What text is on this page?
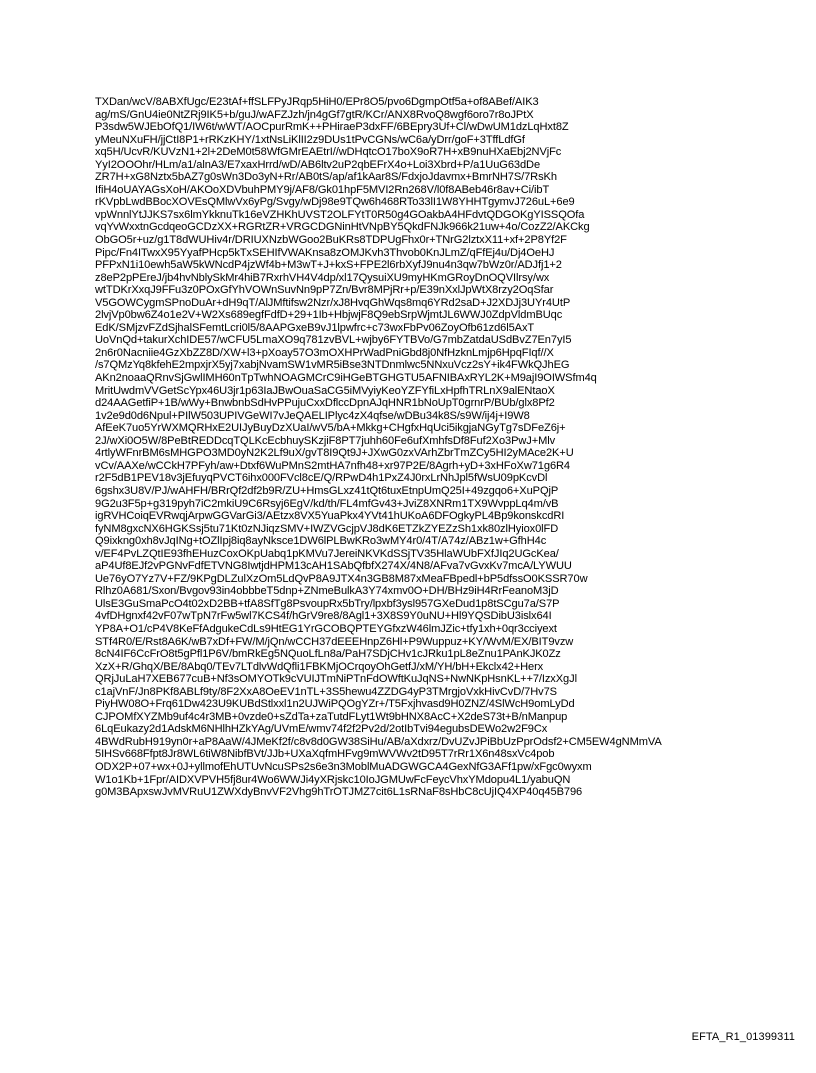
TXDan/wcV/8ABXfUgc/E23tAf+ffSLFPyJRqp5HiH0/EPr8O5/pvo6DgmpOtf5a+of8ABef/AIK3
ag/mS/GnU4ie0NtZRj9IK5+b/guJ/wAFZJzh/jn4gGf7gtR/KCr/ANX8RvoQ8wgf6oro7r8oJPtX
P3sdw5WJEbOfQ1/IW6t/wWT/AOCpurRmK++PHiraeP3dxFF/6BEpry3Uf+Cl/wDwUM1dzLqHxt8Z
yMeuNXuFH/jjCtI8P1+rRKzKHY/1xtNsLiKlII2z9DUs1tPvCGNs/wC6a/yDrr/goF+3TffLdfGf
xq5H/UcvR/KUVzN1+2l+2DeM0t58WfGMrEAEtrI//wDHqtcO17boX9oR7H+xB9nuHXaEbj2NVjFc
YyI2OOOhr/HLm/a1/alnA3/E7xaxHrrd/wD/AB6ltv2uP2qbEFrX4o+Loi3Xbrd+P/a1UuG63dDe
ZR7H+xG8Nztx5bAZ7g0sWn3Do3yN+Rr/AB0tS/ap/af1kAar8S/FdxjoJdavmx+BmrNH7S/7RsKh
IfiH4oUAYAGsXoH/AKOoXDVbuhPMY9j/AF8/Gk01hpF5MVI2Rn268V/l0f8ABeb46r8av+Ci/ibT
rKVpbLwdBBocXOVEsQMlwVx6yPg/Svgy/wDj98e9TQw6h468RTo33lI1W8YHHTgymvJ726uL+6e9
vpWnnlYtJJKS7sx6lmYkknuTk16eVZHKhUVST2OLFYtT0R50g4GOakbA4HFdvtQDGOKgYISSQOfa
vqYvWxxtnGcdqeoGCDzXX+RGRtZR+VRGCDGNinHtVNpBY5QkdFNJk966k21uw+4o/CozZ2/AKCkg
ObGO5r+uz/g1T8dWUHiv4r/DRIUXNzbWGoo2BuKRs8TDPUgFhx0r+TNrG2lztxX11+xf+2P8Yf2F
Pipc/Fn4ITwxX95YyafPHcp5kTxSEHIfVWAKnsa8zOMJKvh3Thvob0KnJLmZ/qFfEj4u/Dj4OeHJ
PFPxN1i10ewh5aW5kWNcdP4jzWf4b+M3wT+J+kxS+FPE2l6rbXyfJ9nu4n3qw7bWz0r/ADJfj1+2
z8eP2pPEreJ/jb4hvNblySkMr4hiB7RxrhVH4V4dp/xl17QysuiXU9myHKmGRoyDnOQVIlrsy/wx
wtTDKrXxqJ9FFu3z0POxGfYhVOWnSuvNn9pP7Zn/Bvr8MPjRr+p/E39nXxlJpWtX8rzy2OqSfar
V5GOWCygmSPnoDuAr+dH9qT/AlJMftifsw2Nzr/xJ8HvqGhWqs8mq6YRd2saD+J2XDJj3UYr4UtP
2lvjVp0bw6Z4o1e2V+W2Xs689egfFdfD+29+1Ib+HbjwjF8Q9ebSrpWjmtJL6WWJ0ZdpVldmBUqc
EdK/SMjzvFZdSjhalSFemtLcri0l5/8AAPGxeB9vJ1lpwfrc+c73wxFbPv06ZoyOfb61zd6l5AxT
UoVnQd+takurXchIDE57/wCFU5LmaXO9q781zvBVL+wjby6FYTBVo/G7mbZatdaUSdBvZ7En7yI5
2n6r0Nacniie4GzXbZZ8D/XW+l3+pXoay57O3mOXHPrWadPniGbd8j0NfHzknLmjp6HpqFIqf//X
/s7QMzYq8kfehE2mpxjrX5yj7xabjNvamSW1vMR5iBse3NTDnmlwc5NNxuVcz2sY+ik4FWkQJhEG
AKn2noaaQRnvSjGwlIMH60nTpTwhNOAGMCrC9iHGeBTGHGTU5AFNIBAxRYL2K+M9ajI9OIWSfm4q
MritUwdmVVGetScYpx46U3jr1p63IaJBwOuaSaCG5iMVyiyKeoYZFYfiLxHpfhTRLnX9alENtaoX
d24AAGetfiP+1B/wWy+BnwbnbSdHvPPujuCxxDflccDpnAJqHNR1bNoUpT0grnrP/BUb/glx8Pf2
1v2e9d0d6Npul+PIlW503UPIVGeWI7vJeQAELIPlyc4zX4qfse/wDBu34k8S/s9W/ij4j+I9W8
AfEeK7uo5YrWXMQRHxE2UIJyBuyDzXUaI/wV5/bA+Mkkg+CHgfxHqUci5ikgjaNGyTg7sDFeZ6j+
2J/wXi0O5W/8PeBtREDDcqTQLKcEcbhuySKzjiF8PT7juhh60Fe6ufXmhfsDf8Fuf2Xo3PwJ+Mlv
4rtlyWFnrBM6sMHGPO3MD0yN2K2Lf9uX/gvT8I9Qt9J+JXwG0zxVArhZbrTmZCy5HI2yMAce2K+U
vCv/AAXe/wCCkH7PFyh/aw+Dtxf6WuPMnS2mtHA7nfh48+xr97P2E/8Agrh+yD+3xHFoXw71g6R4
r2F5dB1PEV18v3jEfuyqPVCT6ihx000FVcl8cE/Q/RPwD4h1PxZ4J0rxLrNhJpl5fWsU09pKcvDl
6gshx3U8V/PJ/wAHFH/BRrQf2df2b9R/ZU+HmsGLxz41tQt6tuxEtnpUmQ25I+49zgqo6+XuPQjP
9G2u3F5p+g319pyh7iC2mkiU9C6Rsyj6EgV/kd/th/FL4mfGv43+JviZ8XNRm1TX9WvppLq4m/vB
igRVHCoiqEVRwqjArpwGGVarGi3/AEtzx8VX5YuaPkx4YVt41hUKoA6DFOgkyPL4Bp9konskcdRI
fyNM8gxcNX6HGKSsj5tu71Kt0zNJiqzSMV+IWZVGcjpVJ8dK6ETZkZYEZzSh1xk80zlHyiox0lFD
Q9ixkng0xh8vJqINg+tOZlIpj8iq8ayNksce1DW6lPLBwKRo3wMY4r0/4T/A74z/ABz1w+GfhH4c
v/EF4PvLZQtIE93fhEHuzCoxOKpUabq1pKMVu7JereiNKVKdSSjTV35HlaWUbFXfJIq2UGcKea/
aP4Uf8EJf2vPGNvFdfETVNG8IwtjdHPM13cAH1SAbQfbfX274X/4N8/AFva7vGvxKv7mcA/LYWUU
Ue76yO7Yz7V+FZ/9KPgDLZulXzOm5LdQvP8A9JTX4n3GB8M87xMeaFBpedl+bP5dfssO0KSSR70w
Rlhz0A681/Sxon/Bvgov93in4obbbeT5dnp+ZNmeBulkA3Y74xmv0O+DH/BHz9iH4RrFeanoM3jD
UlsE3GuSmaPcO4t02xD2BB+tfA8SfTg8PsvoupRx5bTry/lpxbf3ysl957GXeDud1p8tSCgu7a/S7P
4vfDHgnxf42vF07wTpN7rFw5wl7KCS4f/hGrV9re8/8Agl1+3X8S9Y0uNU+Hl9YQSDibU3islx64I
YP8A+O1/cP4V8KeFfAdgukeCdLs9HtEG1YrGCOBQPTEYGfxzW46lmJZic+tfy1xh+0qr3cciyext
STf4R0/E/Rst8A6K/wB7xDf+FW/M/jQn/wCCH37dEEEHnpZ6Hl+P9Wuppuz+KY/WvM/EX/BIT9vzw
8cN4IF6CcFrO8t5gPfl1P6V/bmRkEg5NQuoLfLn8a/PaH7SDjCHv1cJRku1pL8eZnu1PAnKJK0Zz
XzX+R/GhqX/BE/8Abq0/TEv7LTdlvWdQfli1FBKMjOCrqoyOhGetfJ/xM/YH/bH+Ekclx42+Herx
QRjJuLaH7XEB677cuB+Nf3sOMYOTk9cVUIJTmNiPTnFdOWftKuJqNS+NwNKpHsnKL++7/IzxXgJl
c1ajVnF/Jn8PKf8ABLf9ty/8F2XxA8OeEV1nTL+3S5hewu4ZZDG4yP3TMrgjoVxkHivCvD/7Hv7S
PiyHW08O+Frq61Dw423U9KUBdStlxxl1n2UJWiPQOgYZr+/T5Fxjhvasd9H0ZNZ/4SlWcH9omLyDd
CJPOMfXYZMb9uf4c4r3MB+0vzde0+sZdTa+zaTutdFLyt1Wt9bHNX8AcC+X2deS73t+B/nManpup
6LqEukazy2d1AdskM6NHlhHZkYAg/UVmE/wmv74f2f2Pv2d/2otIbTvi94egubsDEWo2w2F9Cx
4BWdRubH919yn0r+aP8AaW/4JMeKf2f/c8v8d0GW38SiHu/AB/aXdxrz/DvUZvJPiBbUzPprOdsf2+CM5EW4gNMmVA
5IHSv668Ffpt8Jr8WL6tiW8NibfBVt/JJb+UXaXqfmHFvg9mWVWv2tD95T7rRr1X6n48sxVc4pob
ODX2P+07+wx+0J+yllmofEhUTUvNcuSPs2s6e3n3MoblMuADGWGCA4GexNfG3AFf1pw/xFgc0wyxm
W1o1Kb+1Fpr/AIDXVPVH5fj8ur4Wo6WWJi4yXRjskc10IoJGMUwFcFeycVhxYMdopu4L1/yabuQN
g0M3BApxswJvMVRuU1ZWXdyBnvVF2Vhg9hTrOTJMZ7cit6L1sRNaF8sHbC8cUjIQ4XP40q45B796
EFTA_R1_01399311
